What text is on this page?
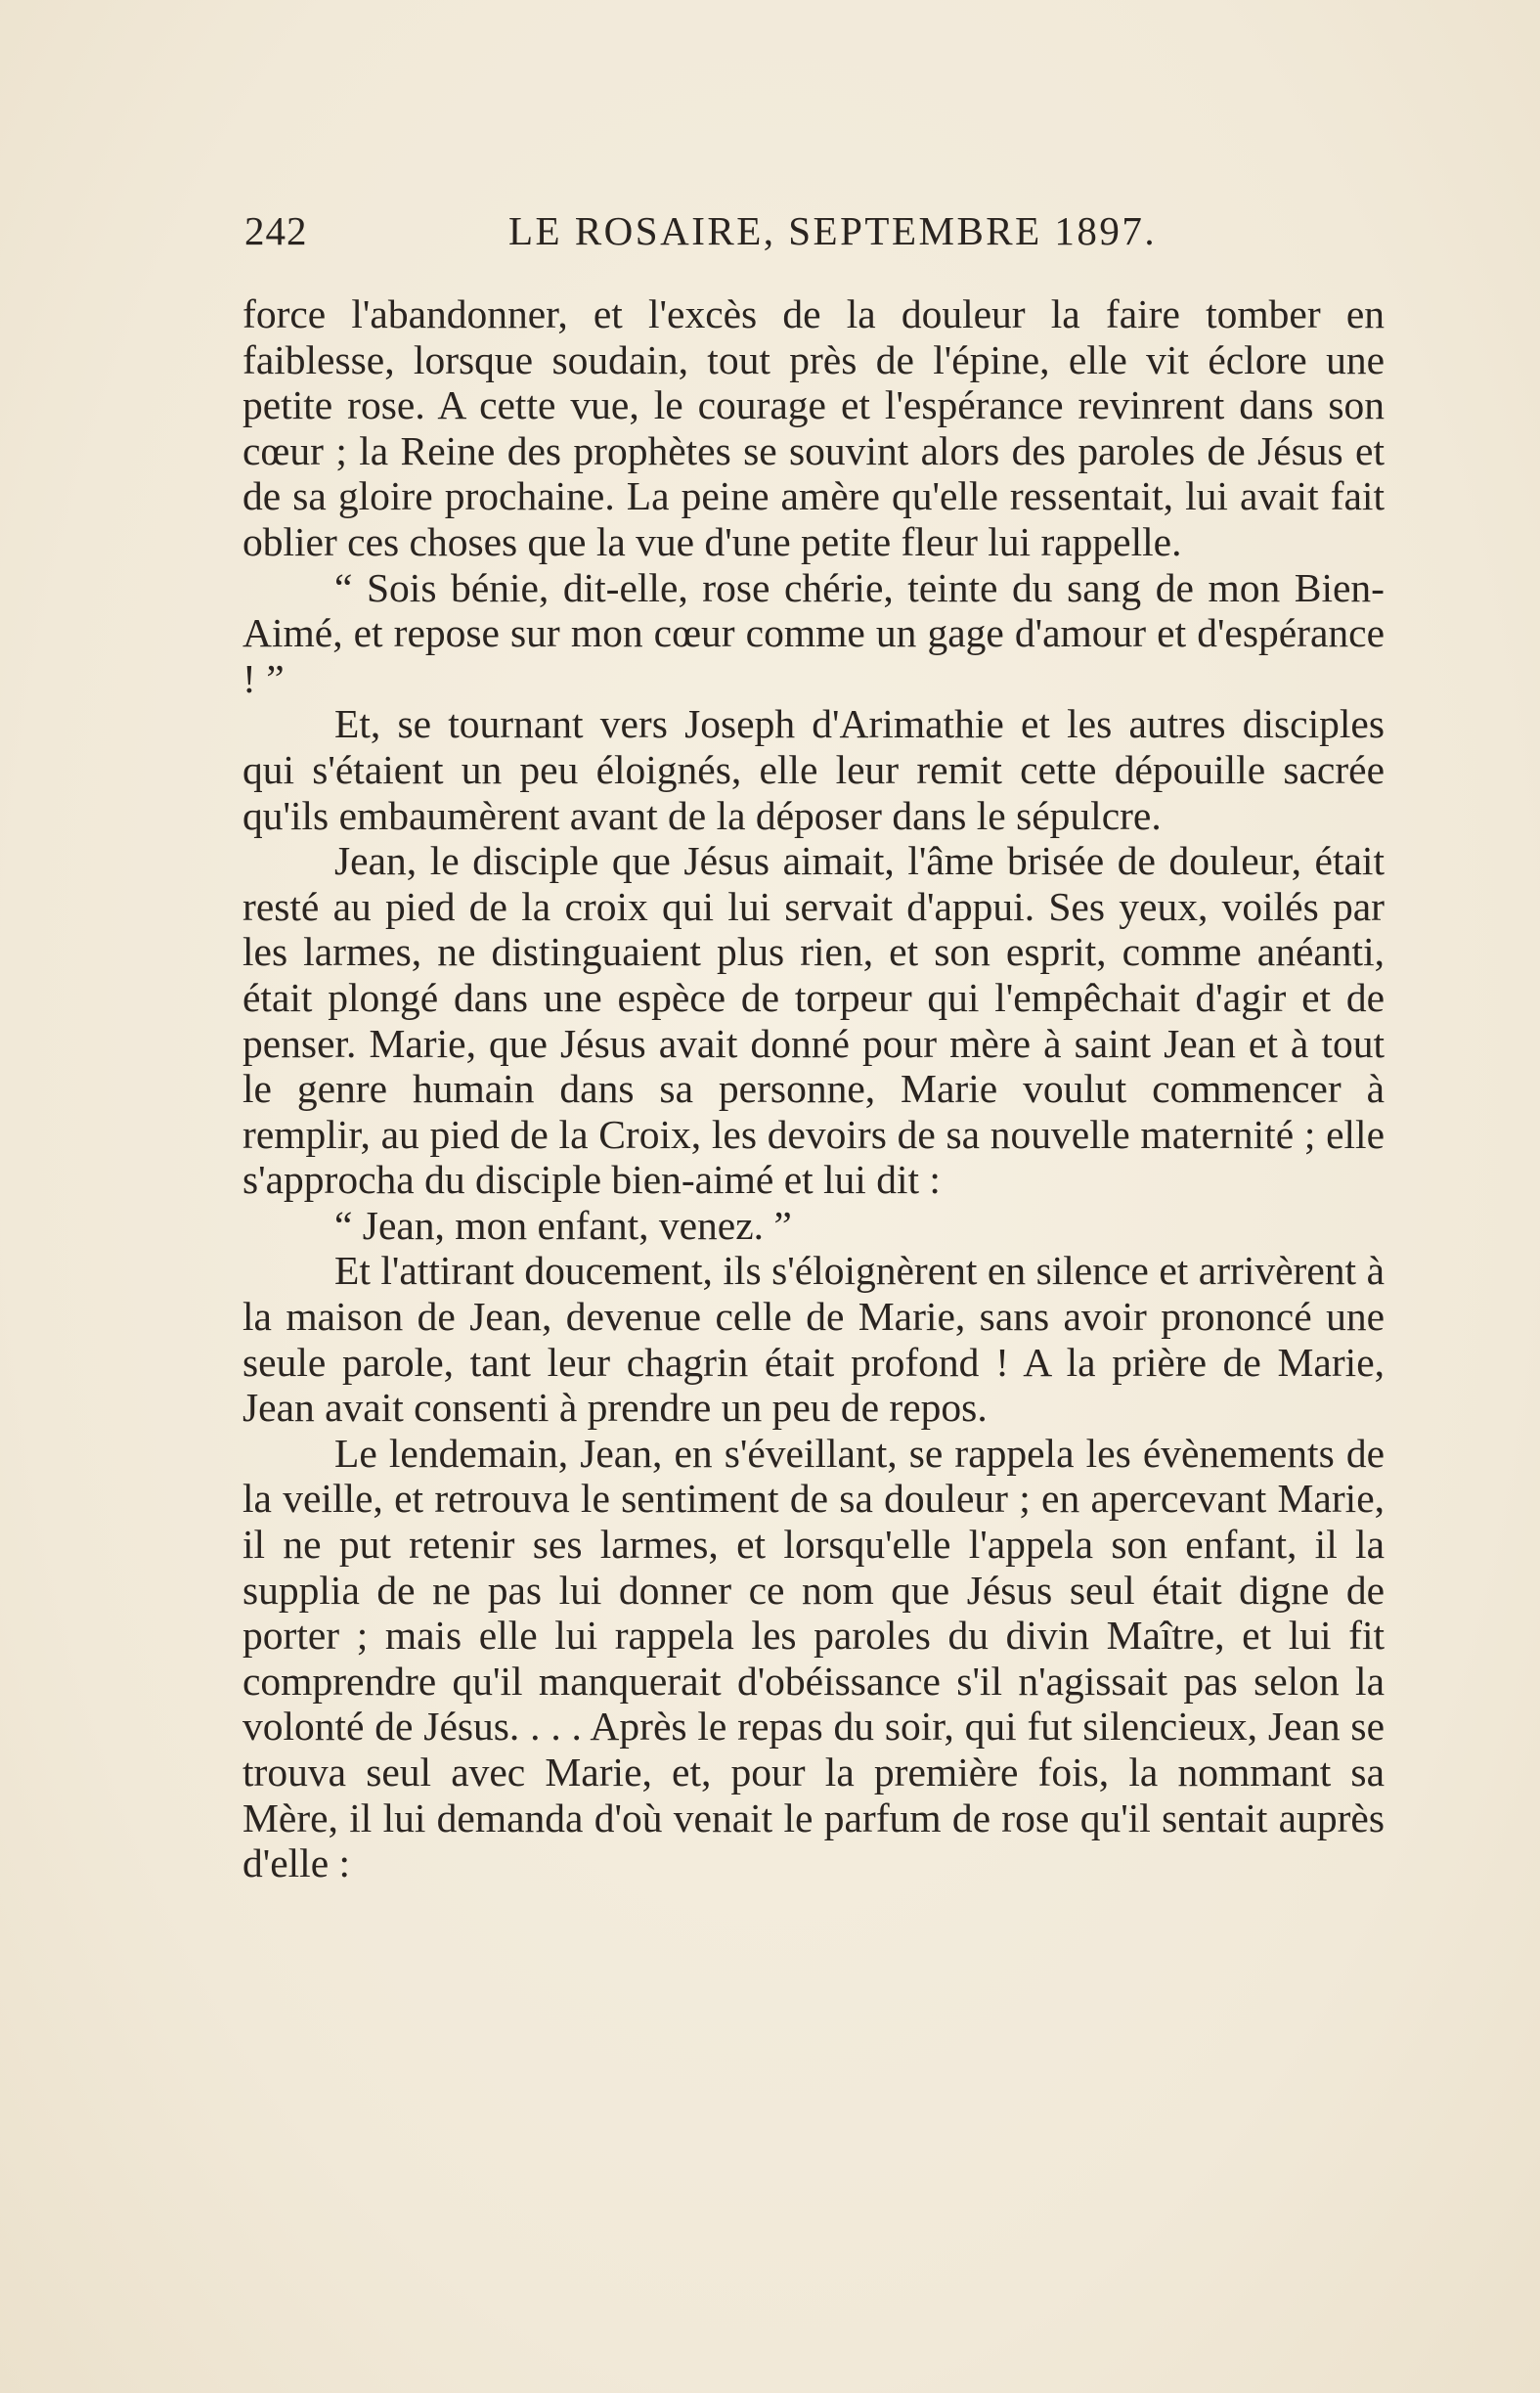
242	LE ROSAIRE, SEPTEMBRE 1897.

force l'abandonner, et l'excès de la douleur la faire tomber en faiblesse, lorsque soudain, tout près de l'épine, elle vit éclore une petite rose. A cette vue, le courage et l'espérance revinrent dans son cœur ; la Reine des prophètes se souvint alors des paroles de Jésus et de sa gloire prochaine. La peine amère qu'elle ressentait, lui avait fait oblier ces choses que la vue d'une petite fleur lui rappelle.

“ Sois bénie, dit-elle, rose chérie, teinte du sang de mon Bien-Aimé, et repose sur mon cœur comme un gage d'amour et d'espérance ! ”

Et, se tournant vers Joseph d'Arimathie et les autres disciples qui s'étaient un peu éloignés, elle leur remit cette dépouille sacrée qu'ils embaumèrent avant de la déposer dans le sépulcre.

Jean, le disciple que Jésus aimait, l'âme brisée de douleur, était resté au pied de la croix qui lui servait d'appui. Ses yeux, voilés par les larmes, ne distinguaient plus rien, et son esprit, comme anéanti, était plongé dans une espèce de torpeur qui l'empêchait d'agir et de penser. Marie, que Jésus avait donné pour mère à saint Jean et à tout le genre humain dans sa personne, Marie voulut commencer à remplir, au pied de la Croix, les devoirs de sa nouvelle maternité ; elle s'approcha du disciple bien-aimé et lui dit :

“ Jean, mon enfant, venez. ”

Et l'attirant doucement, ils s'éloignèrent en silence et arrivèrent à la maison de Jean, devenue celle de Marie, sans avoir prononcé une seule parole, tant leur chagrin était profond ! A la prière de Marie, Jean avait consenti à prendre un peu de repos.

Le lendemain, Jean, en s'éveillant, se rappela les évènements de la veille, et retrouva le sentiment de sa douleur ; en apercevant Marie, il ne put retenir ses larmes, et lorsqu'elle l'appela son enfant, il la supplia de ne pas lui donner ce nom que Jésus seul était digne de porter ; mais elle lui rappela les paroles du divin Maître, et lui fit comprendre qu'il manquerait d'obéissance s'il n'agissait pas selon la volonté de Jésus. . . . Après le repas du soir, qui fut silencieux, Jean se trouva seul avec Marie, et, pour la première fois, la nommant sa Mère, il lui demanda d'où venait le parfum de rose qu'il sentait auprès d'elle :
